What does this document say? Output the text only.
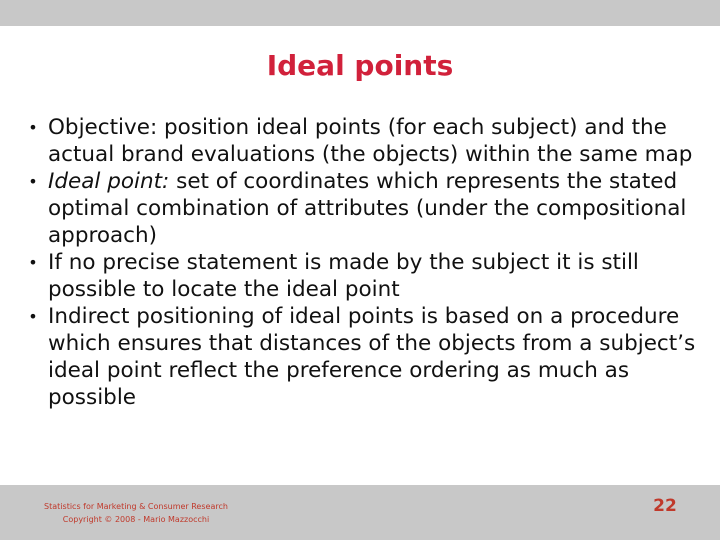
Ideal points
• Objective: position ideal points (for each subject) and the actual brand evaluations (the objects) within the same map
• Ideal point: set of coordinates which represents the stated optimal combination of attributes (under the compositional approach)
• If no precise statement is made by the subject it is still possible to locate the ideal point
• Indirect positioning of ideal points is based on a procedure which ensures that distances of the objects from a subject’s ideal point reflect the preference ordering as much as possible
Statistics for Marketing & Consumer Research
Copyright © 2008 - Mario Mazzocchi
22
